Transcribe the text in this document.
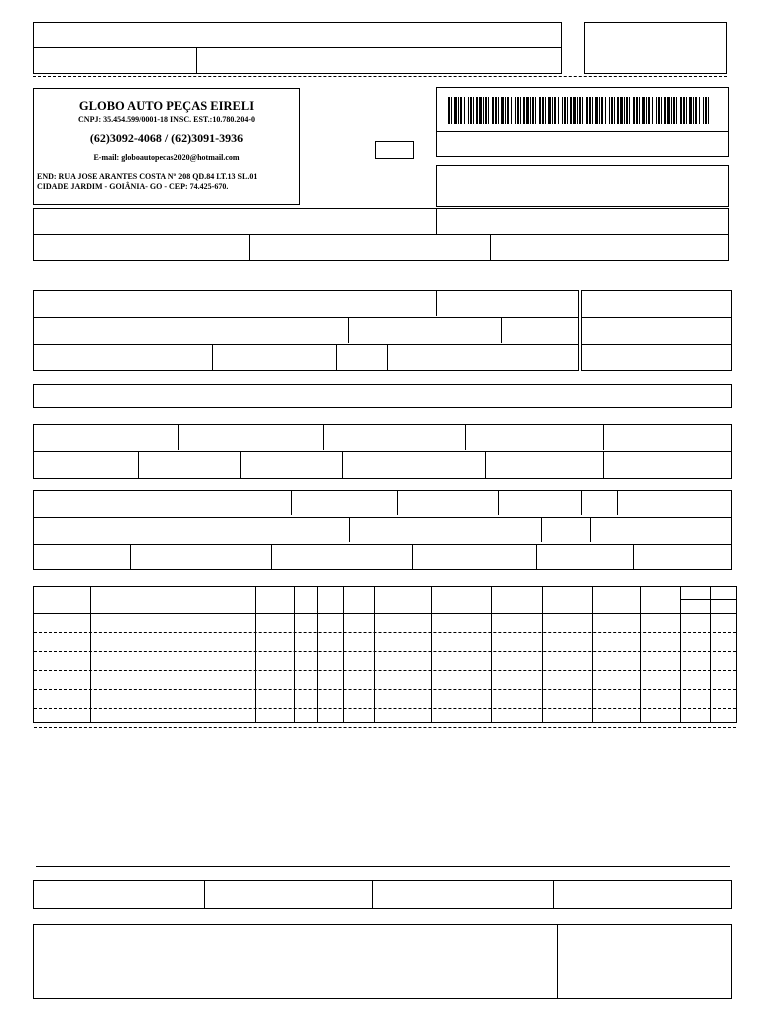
GLOBO AUTO PEÇAS EIRELI
CNPJ: 35.454.599/0001-18 INSC. EST.:10.780.204-0
(62)3092-4068 / (62)3091-3936
E-mail: globoautopecas2020@hotmail.com
END: RUA JOSE ARANTES COSTA Nº 208 QD.84 LT.13 SL.01
CIDADE JARDIM - GOIÂNIA- GO - CEP: 74.425-670.
